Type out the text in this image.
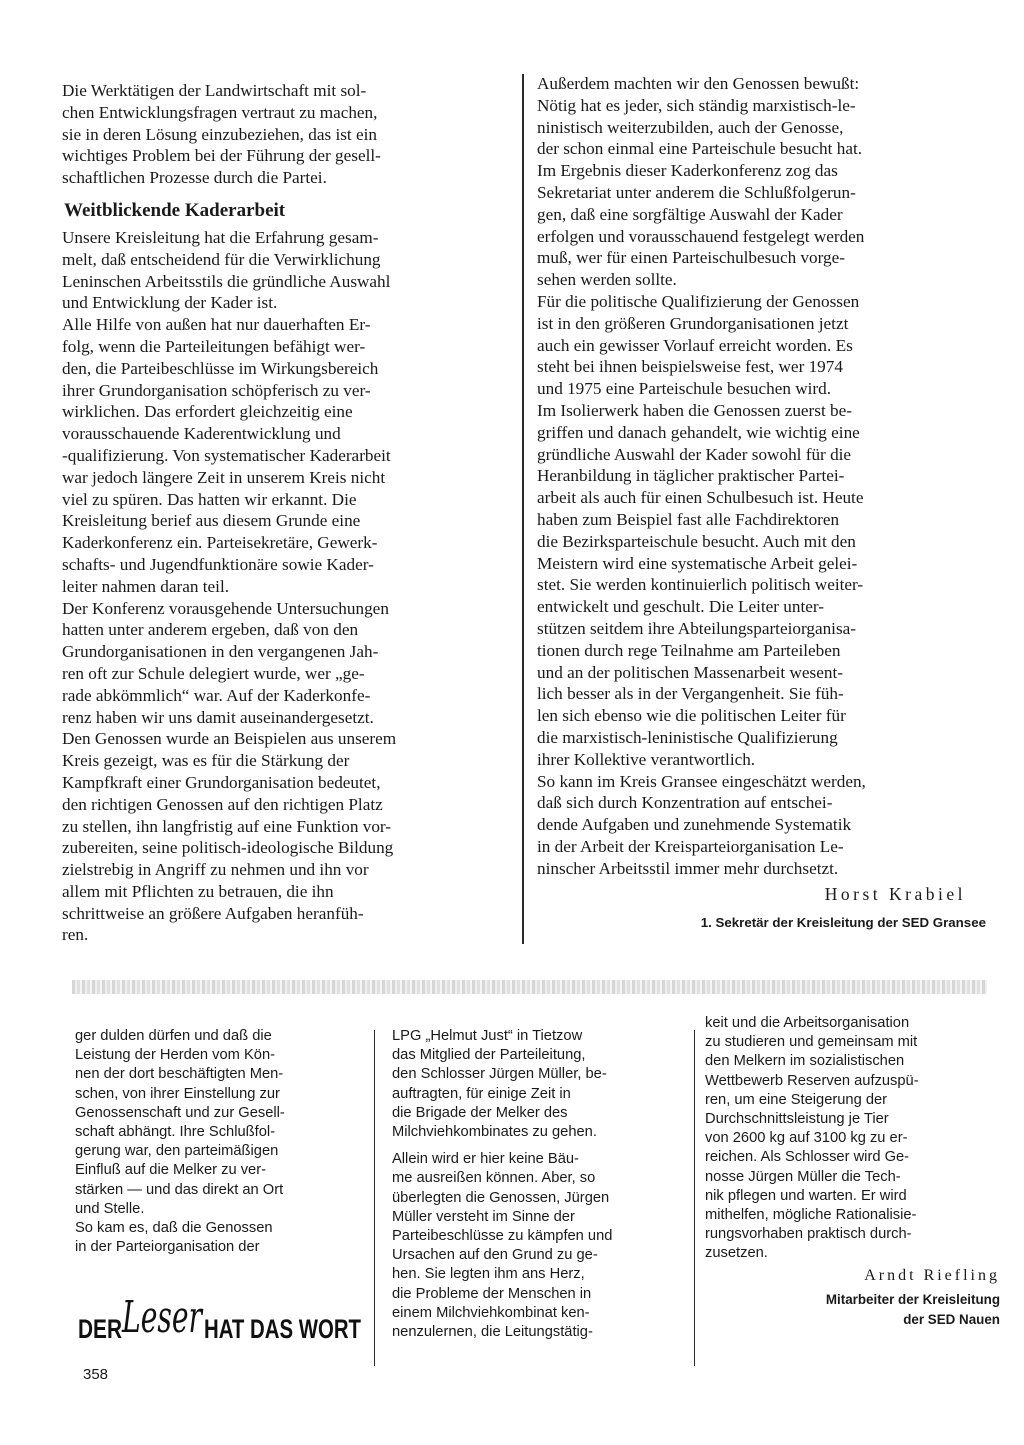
Die Werktätigen der Landwirtschaft mit sol-

chen Entwicklungsfragen vertraut zu machen,

sie in deren Lösung einzubeziehen, das ist ein

wichtiges Problem bei der Führung der gesell-

schaftlichen Prozesse durch die Partei.

Weitblickende Kaderarbeit

Unsere Kreisleitung hat die Erfahrung gesam-

melt, daß entscheidend für die Verwirklichung

Leninschen Arbeitsstils die gründliche Auswahl

und Entwicklung der Kader ist.

Alle Hilfe von außen hat nur dauerhaften Er-

folg, wenn die Parteileitungen befähigt wer-

den, die Parteibeschlüsse im Wirkungsbereich

ihrer Grundorganisation schöpferisch zu ver-

wirklichen. Das erfordert gleichzeitig eine

vorausschauende Kaderentwicklung und

-qualifizierung. Von systematischer Kaderarbeit

war jedoch längere Zeit in unserem Kreis nicht

viel zu spüren. Das hatten wir erkannt. Die

Kreisleitung berief aus diesem Grunde eine

Kaderkonferenz ein. Parteisekretäre, Gewerk-

schafts- und Jugendfunktionäre sowie Kader-

leiter nahmen daran teil.

Der Konferenz vorausgehende Untersuchungen

hatten unter anderem ergeben, daß von den

Grundorganisationen in den vergangenen Jah-

ren oft zur Schule delegiert wurde, wer „ge-

rade abkömmlich“ war. Auf der Kaderkonfe-

renz haben wir uns damit auseinandergesetzt.

Den Genossen wurde an Beispielen aus unserem

Kreis gezeigt, was es für die Stärkung der

Kampfkraft einer Grundorganisation bedeutet,

den richtigen Genossen auf den richtigen Platz

zu stellen, ihn langfristig auf eine Funktion vor-

zubereiten, seine politisch-ideologische Bildung

zielstrebig in Angriff zu nehmen und ihn vor

allem mit Pflichten zu betrauen, die ihn

schrittweise an größere Aufgaben heranfüh-

ren.

Außerdem machten wir den Genossen bewußt:

Nötig hat es jeder, sich ständig marxistisch-le-

ninistisch weiterzubilden, auch der Genosse,

der schon einmal eine Parteischule besucht hat.

Im Ergebnis dieser Kaderkonferenz zog das

Sekretariat unter anderem die Schlußfolgerun-

gen, daß eine sorgfältige Auswahl der Kader

erfolgen und vorausschauend festgelegt werden

muß, wer für einen Parteischulbesuch vorge-

sehen werden sollte.

Für die politische Qualifizierung der Genossen

ist in den größeren Grundorganisationen jetzt

auch ein gewisser Vorlauf erreicht worden. Es

steht bei ihnen beispielsweise fest, wer 1974

und 1975 eine Parteischule besuchen wird.

Im Isolierwerk haben die Genossen zuerst be-

griffen und danach gehandelt, wie wichtig eine

gründliche Auswahl der Kader sowohl für die

Heranbildung in täglicher praktischer Partei-

arbeit als auch für einen Schulbesuch ist. Heute

haben zum Beispiel fast alle Fachdirektoren

die Bezirksparteischule besucht. Auch mit den

Meistern wird eine systematische Arbeit gelei-

stet. Sie werden kontinuierlich politisch weiter-

entwickelt und geschult. Die Leiter unter-

stützen seitdem ihre Abteilungsparteiorganisa-

tionen durch rege Teilnahme am Parteileben

und an der politischen Massenarbeit wesent-

lich besser als in der Vergangenheit. Sie füh-

len sich ebenso wie die politischen Leiter für

die marxistisch-leninistische Qualifizierung

ihrer Kollektive verantwortlich.

So kann im Kreis Gransee eingeschätzt werden,

daß sich durch Konzentration auf entschei-

dende Aufgaben und zunehmende Systematik

in der Arbeit der Kreisparteiorganisation Le-

ninscher Arbeitsstil immer mehr durchsetzt.

Horst Krabiel
1. Sekretär der Kreisleitung der SED Gransee

ger dulden dürfen und daß die

Leistung der Herden vom Kön-

nen der dort beschäftigten Men-

schen, von ihrer Einstellung zur

Genossenschaft und zur Gesell-

schaft abhängt. Ihre Schlußfol-

gerung war, den parteimäßigen

Einfluß auf die Melker zu ver-

stärken — und das direkt an Ort

und Stelle.

So kam es, daß die Genossen

in der Parteiorganisation der

LPG „Helmut Just“ in Tietzow

das Mitglied der Parteileitung,

den Schlosser Jürgen Müller, be-

auftragten, für einige Zeit in

die Brigade der Melker des

Milchviehkombinates zu gehen.

Allein wird er hier keine Bäu-

me ausreißen können. Aber, so

überlegten die Genossen, Jürgen

Müller versteht im Sinne der

Parteibeschlüsse zu kämpfen und

Ursachen auf den Grund zu ge-

hen. Sie legten ihm ans Herz,

die Probleme der Menschen in

einem Milchviehkombinat ken-

nenzulernen, die Leitungstätig-

keit und die Arbeitsorganisation

zu studieren und gemeinsam mit

den Melkern im sozialistischen

Wettbewerb Reserven aufzuspü-

ren, um eine Steigerung der

Durchschnittsleistung je Tier

von 2600 kg auf 3100 kg zu er-

reichen. Als Schlosser wird Ge-

nosse Jürgen Müller die Tech-

nik pflegen und warten. Er wird

mithelfen, mögliche Rationalisie-

rungsvorhaben praktisch durch-

zusetzen.

Arndt Riefling
Mitarbeiter der Kreisleitung
der SED Nauen
DER Leser HAT DAS WORT
358
